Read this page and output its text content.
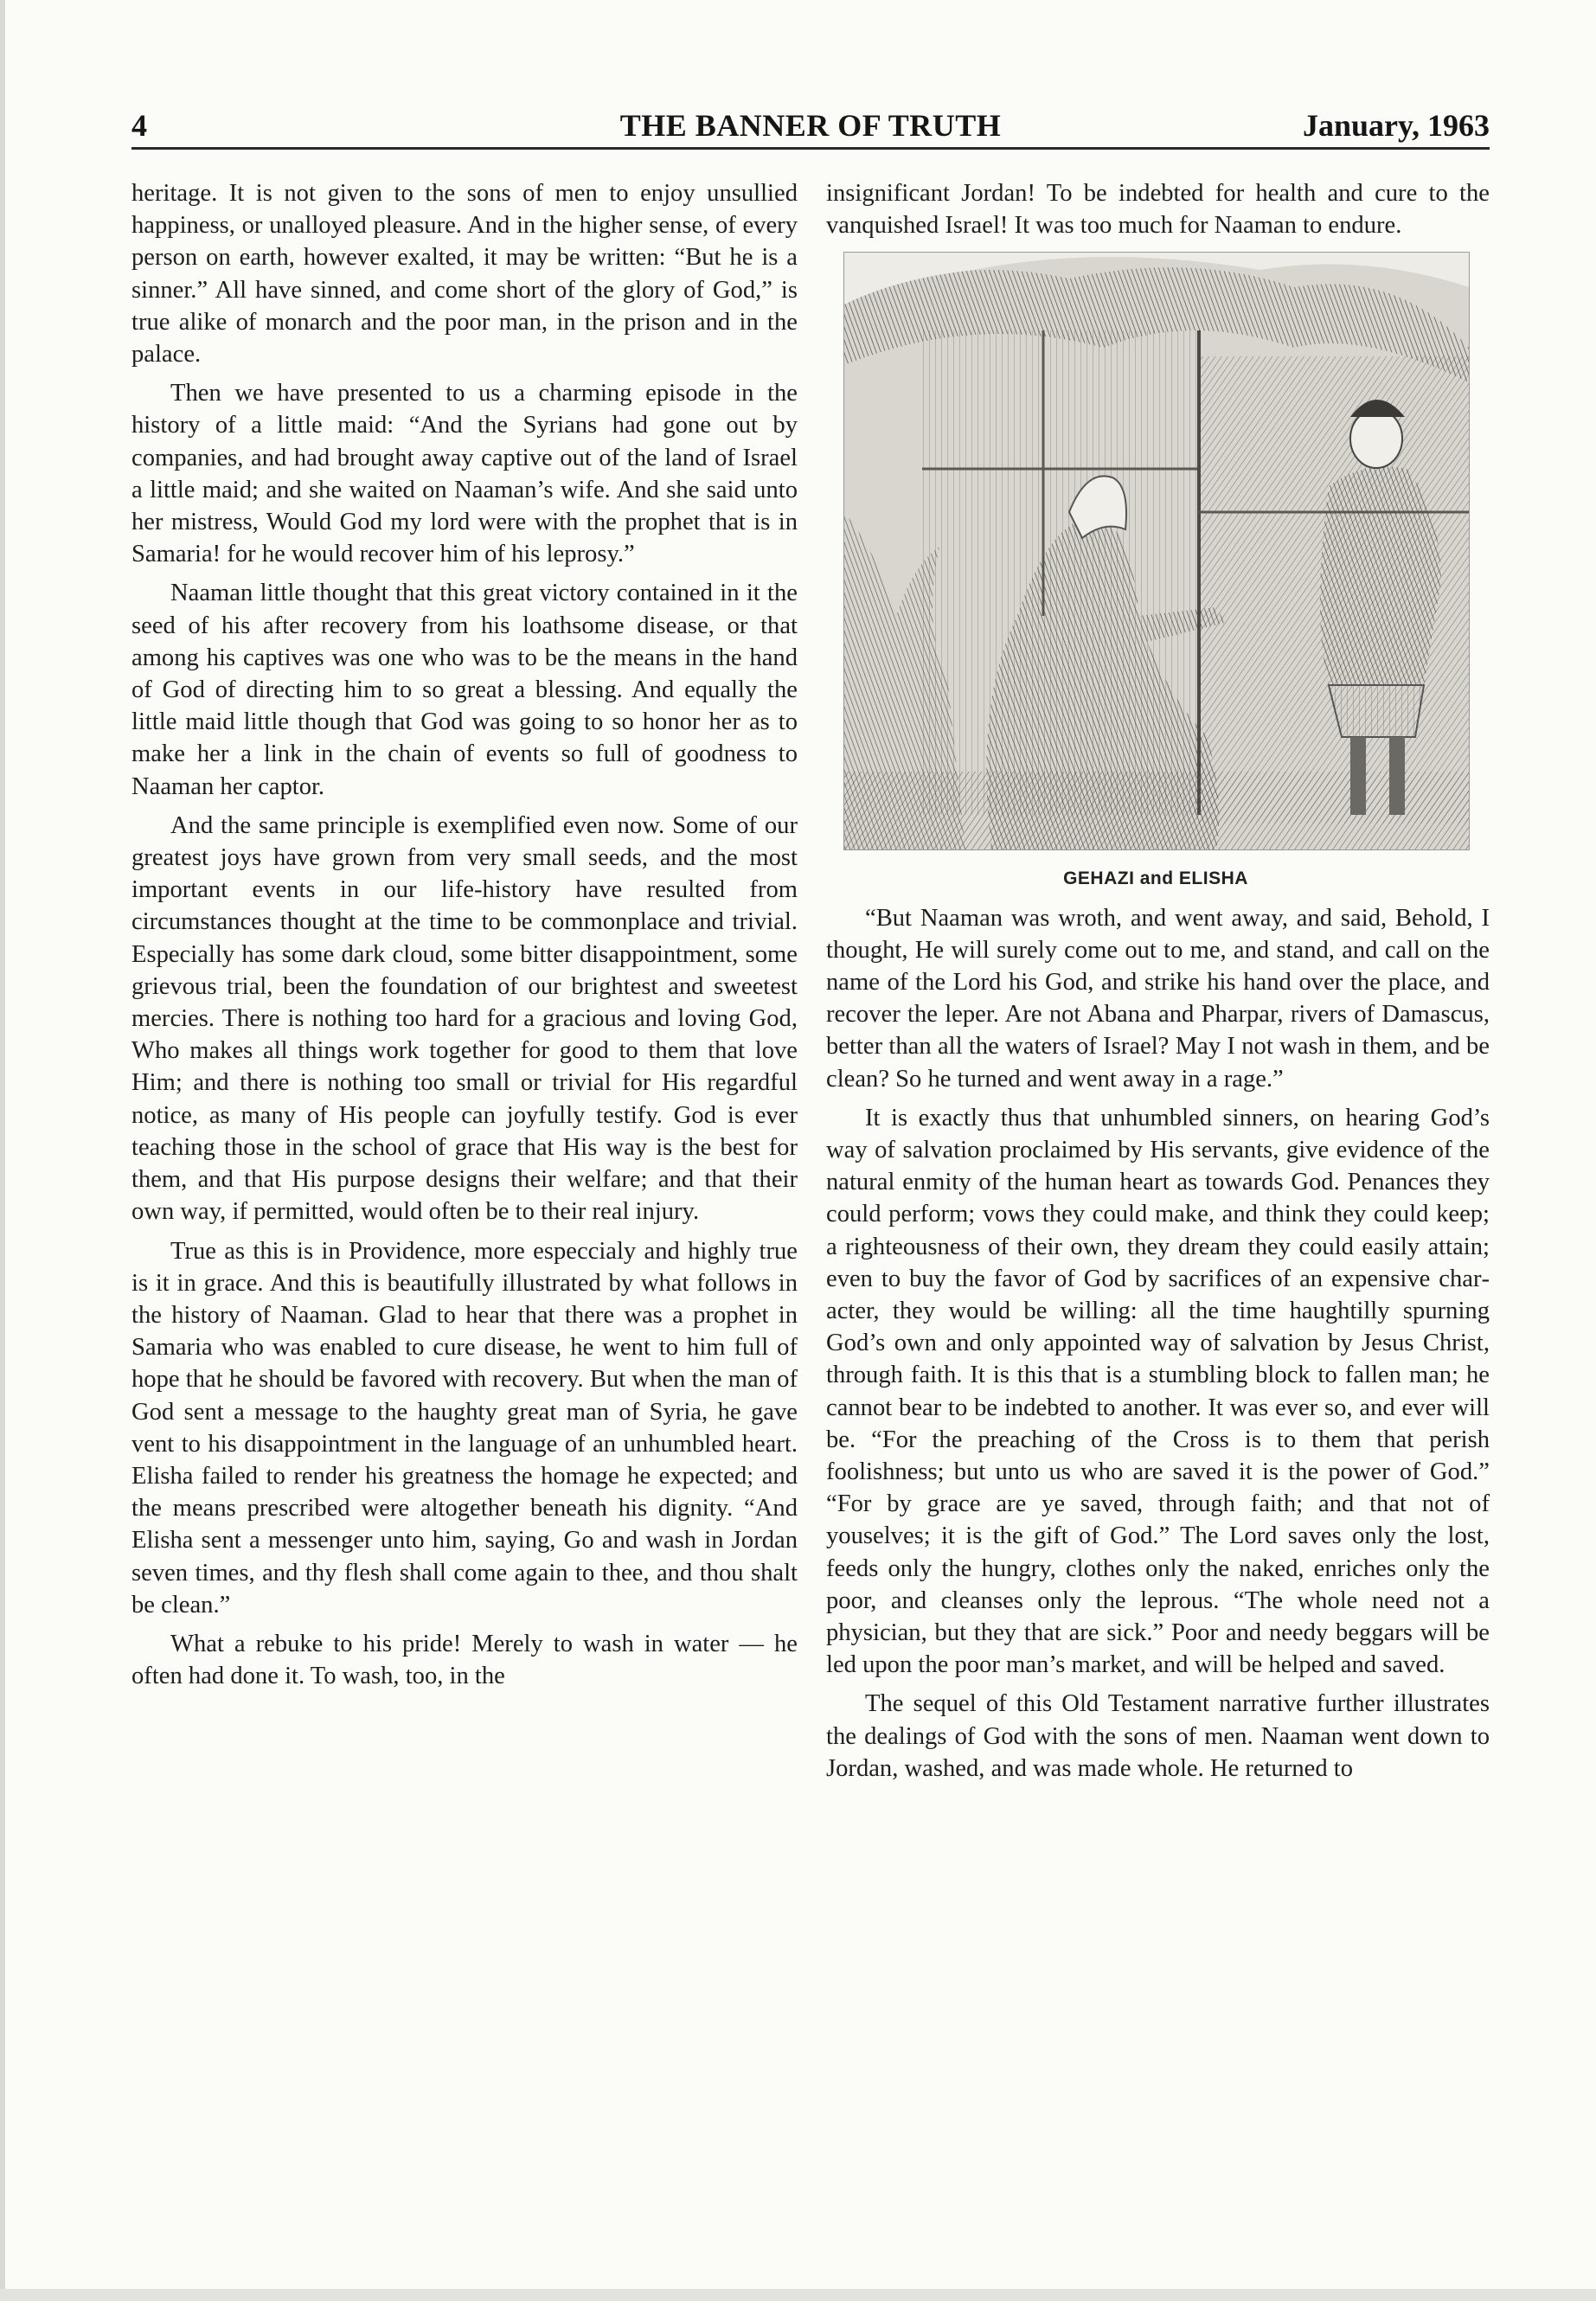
4	THE BANNER OF TRUTH	January, 1963

heritage. It is not given to the sons of men to enjoy unsullied happiness, or unalloyed pleasure. And in the higher sense, of every person on earth, however exalted, it may be written: “But he is a sinner.” All have sinned, and come short of the glory of God,” is true alike of monarch and the poor man, in the prison and in the palace.

Then we have presented to us a charming episode in the history of a little maid: “And the Syrians had gone out by companies, and had brought away captive out of the land of Israel a little maid; and she waited on Naaman’s wife. And she said unto her mistress, Would God my lord were with the prophet that is in Samaria! for he would recover him of his leprosy.”

Naaman little thought that this great victory contained in it the seed of his after recovery from his loathsome disease, or that among his captives was one who was to be the means in the hand of God of directing him to so great a blessing. And equally the little maid little though that God was going to so honor her as to make her a link in the chain of events so full of goodness to Naaman her captor.

And the same principle is exemplified even now. Some of our greatest joys have grown from very small seeds, and the most important events in our life-history have resulted from circumstances thought at the time to be commonplace and trivial. Especially has some dark cloud, some bitter disappointment, some grievous trial, been the foundation of our brightest and sweetest mercies. There is nothing too hard for a gracious and loving God, Who makes all things work together for good to them that love Him; and there is nothing too small or trivial for His regardful notice, as many of His people can joyfully testify. God is ever teaching those in the school of grace that His way is the best for them, and that His purpose designs their welfare; and that their own way, if permitted, would often be to their real injury.

True as this is in Providence, more especcialy and highly true is it in grace. And this is beautifully illustrated by what follows in the history of Naaman. Glad to hear that there was a prophet in Samaria who was enabled to cure disease, he went to him full of hope that he should be favored with recovery. But when the man of God sent a message to the haughty great man of Syria, he gave vent to his disappointment in the language of an unhumbled heart. Elisha failed to render his greatness the homage he expected; and the means prescribed were altogether beneath his dignity. “And Elisha sent a messenger unto him, saying, Go and wash in Jordan seven times, and thy flesh shall come again to thee, and thou shalt be clean.”

What a rebuke to his pride! Merely to wash in water — he often had done it. To wash, too, in the

insignificant Jordan! To be indebted for health and cure to the vanquished Israel! It was too much for Naaman to endure.

GEHAZI and ELISHA

“But Naaman was wroth, and went away, and said, Behold, I thought, He will surely come out to me, and stand, and call on the name of the Lord his God, and strike his hand over the place, and recover the leper. Are not Abana and Pharpar, rivers of Damascus, better than all the waters of Israel? May I not wash in them, and be clean? So he turned and went away in a rage.”

It is exactly thus that unhumbled sinners, on hearing God’s way of salvation proclaimed by His servants, give evidence of the natural enmity of the human heart as towards God. Penances they could perform; vows they could make, and think they could keep; a righteousness of their own, they dream they could easily attain; even to buy the favor of God by sacrifices of an expensive character, they would be willing: all the time haughtilly spurning God’s own and only appointed way of salvation by Jesus Christ, through faith. It is this that is a stumbling block to fallen man; he cannot bear to be indebted to another. It was ever so, and ever will be. “For the preaching of the Cross is to them that perish foolishness; but unto us who are saved it is the power of God.” “For by grace are ye saved, through faith; and that not of youselves; it is the gift of God.” The Lord saves only the lost, feeds only the hungry, clothes only the naked, enriches only the poor, and cleanses only the leprous. “The whole need not a physician, but they that are sick.” Poor and needy beggars will be led upon the poor man’s market, and will be helped and saved.

The sequel of this Old Testament narrative further illustrates the dealings of God with the sons of men. Naaman went down to Jordan, washed, and was made whole. He returned to
